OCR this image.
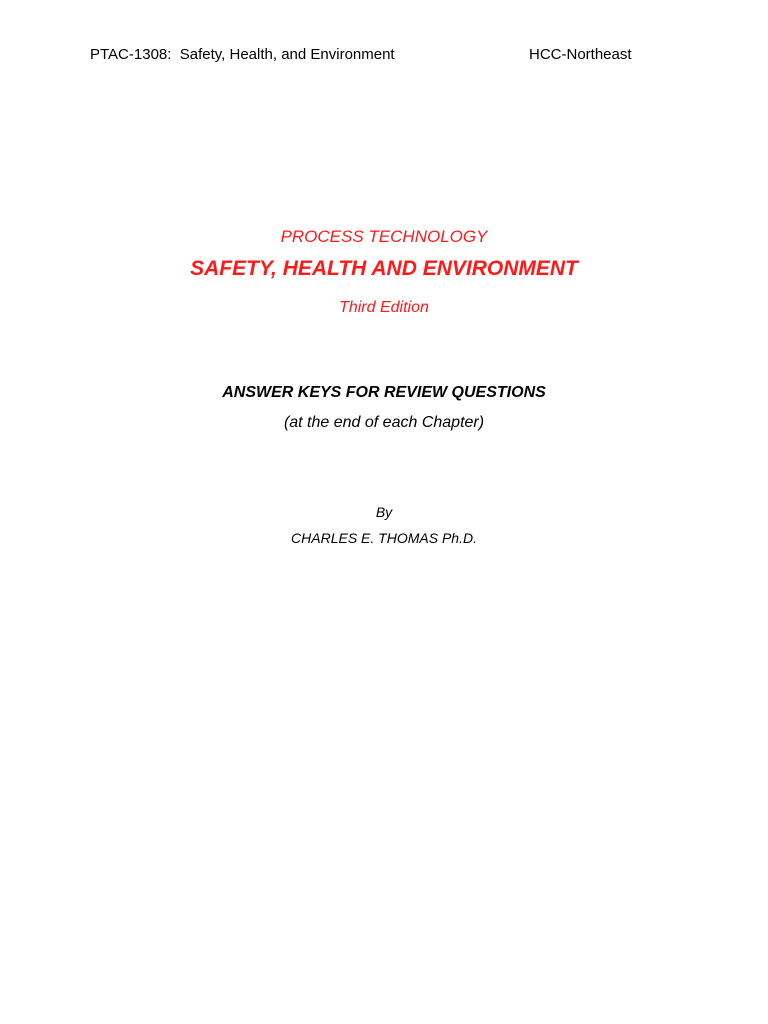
PTAC-1308:  Safety, Health, and Environment	HCC-Northeast
PROCESS TECHNOLOGY
SAFETY, HEALTH AND ENVIRONMENT
Third Edition
ANSWER KEYS FOR REVIEW QUESTIONS
(at the end of each Chapter)
By
CHARLES E. THOMAS Ph.D.
